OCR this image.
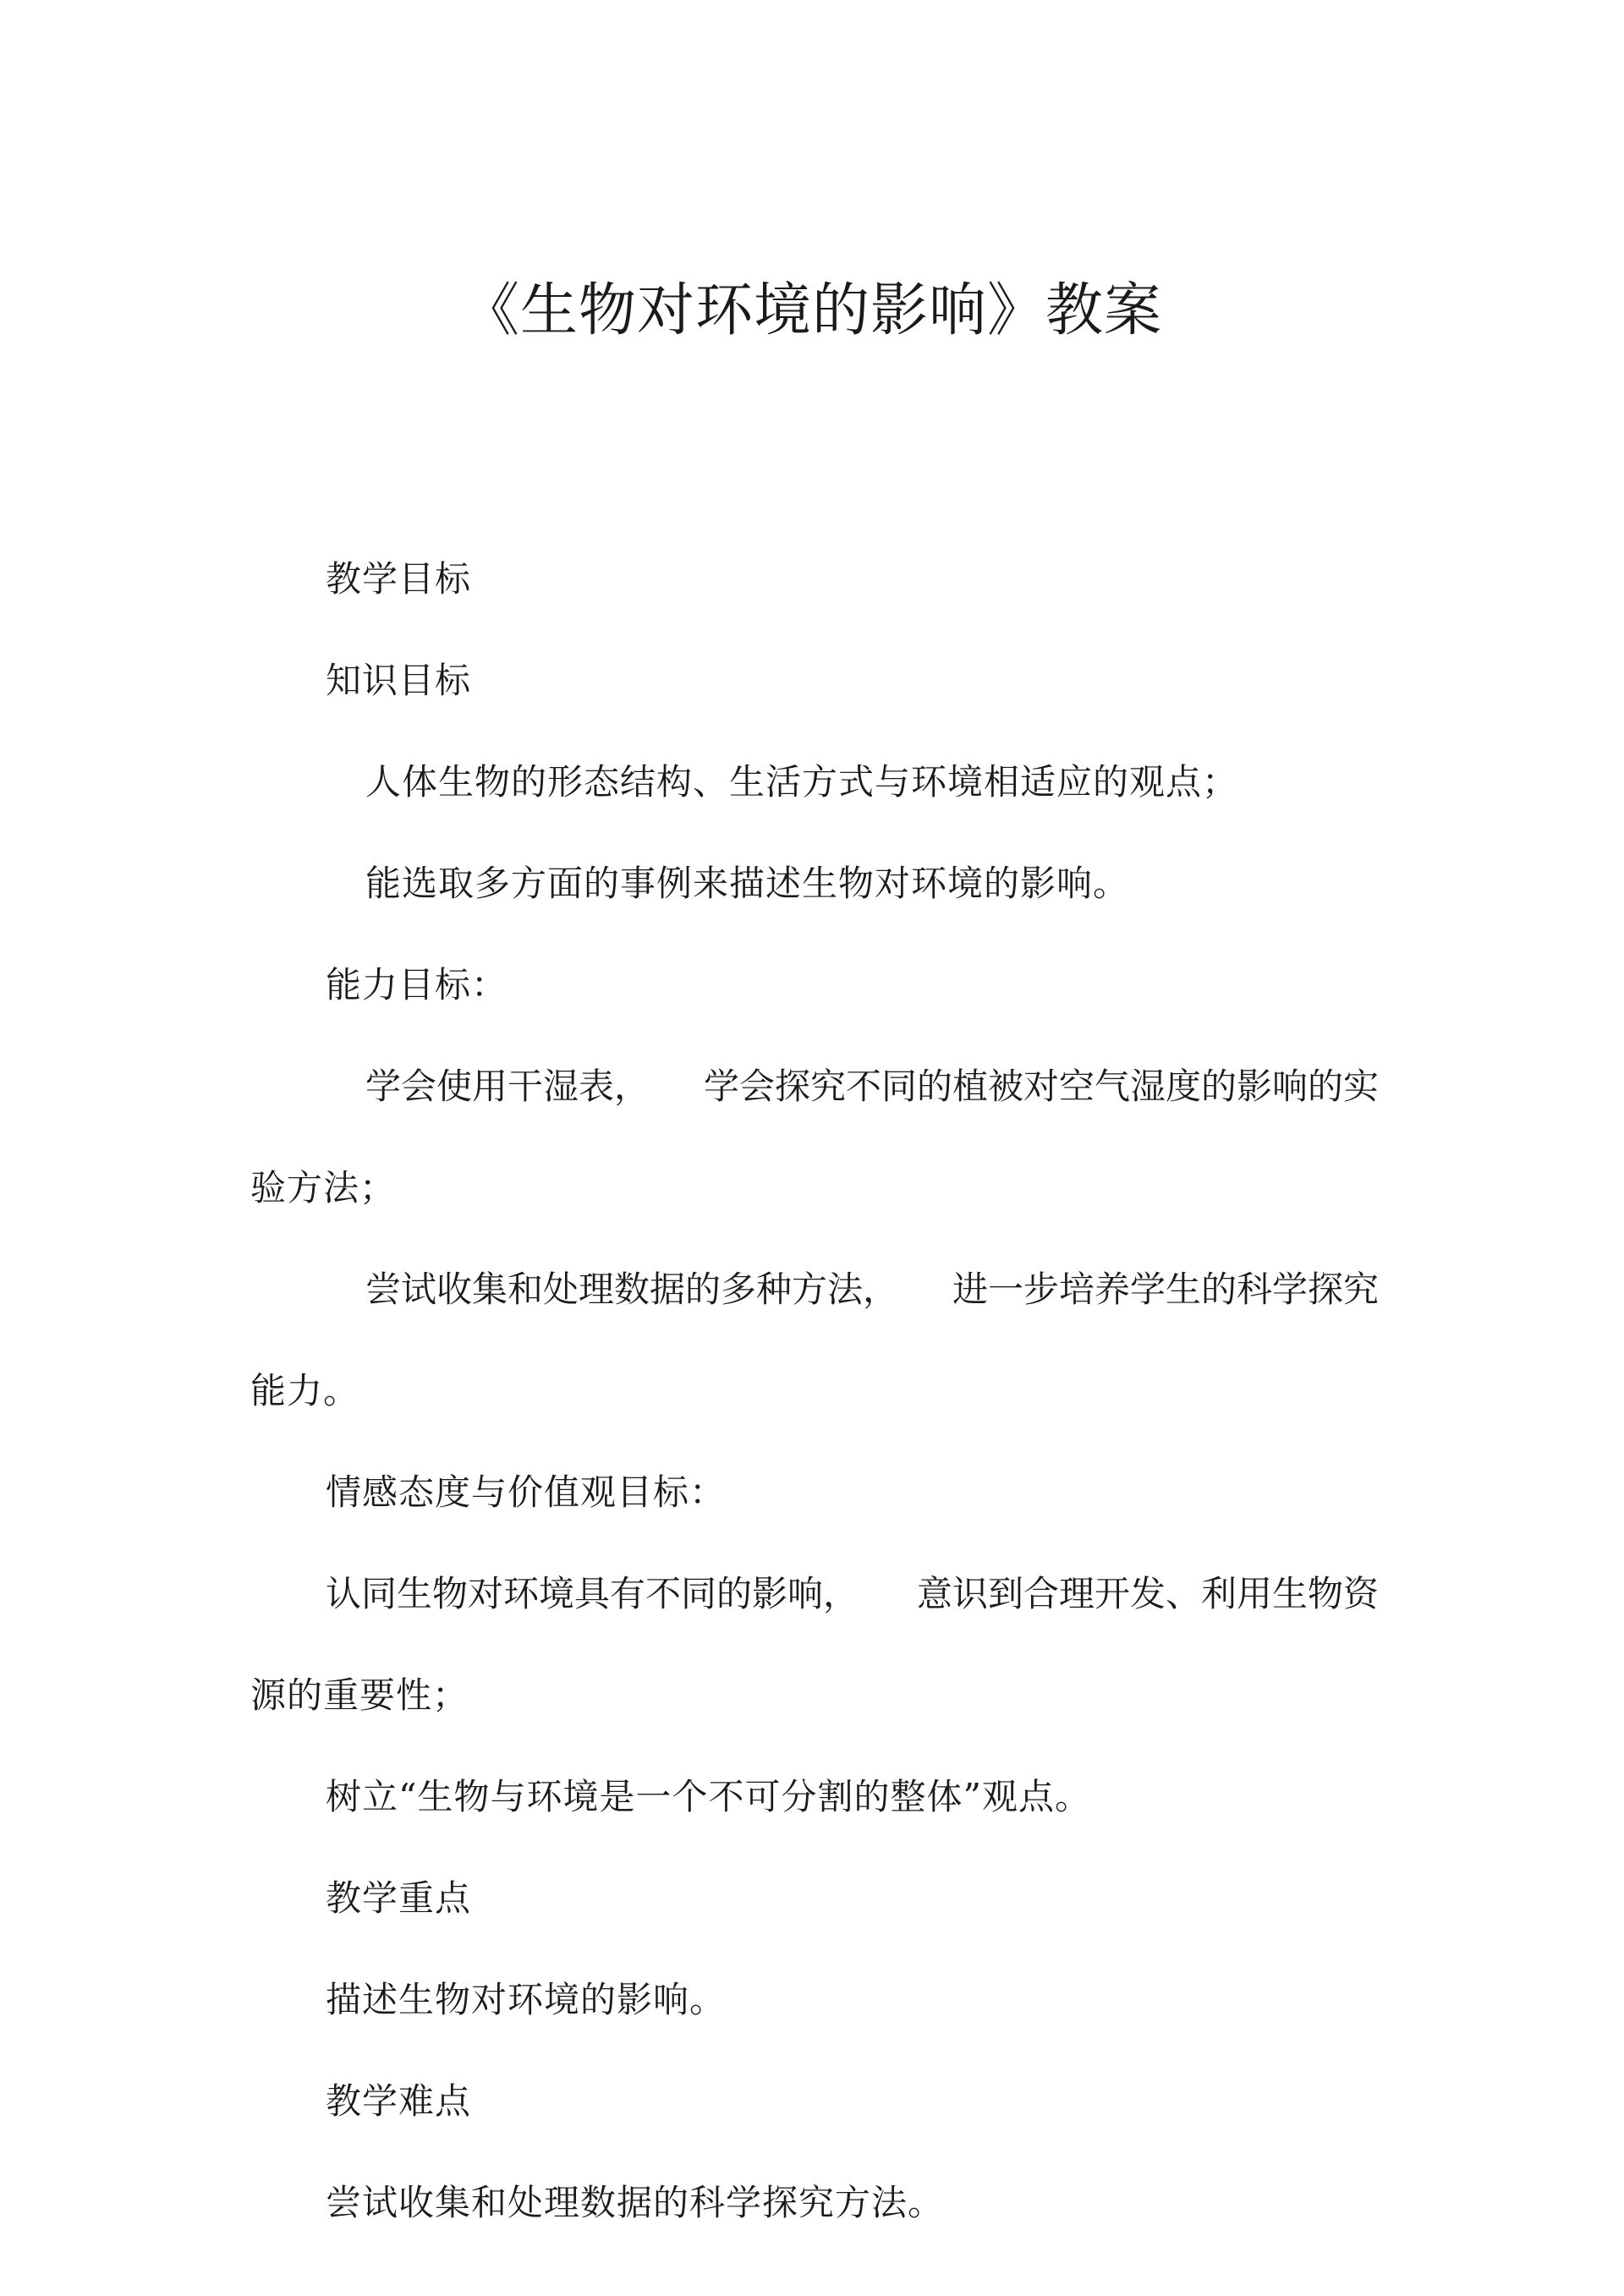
《生物对环境的影响》教案
教学目标
知识目标
人体生物的形态结构、生活方式与环境相适应的观点；
能选取多方面的事例来描述生物对环境的影响。
能力目标：
学会使用干湿表， 学会探究不同的植被对空气湿度的影响的实
验方法；
尝试收集和处理数据的多种方法， 进一步培养学生的科学探究
能力。
情感态度与价值观目标：
认同生物对环境具有不同的影响， 意识到合理开发、利用生物资
源的重要性；
树立“生物与环境是一个不可分割的整体”观点。
教学重点
描述生物对环境的影响。
教学难点
尝试收集和处理数据的科学探究方法。
